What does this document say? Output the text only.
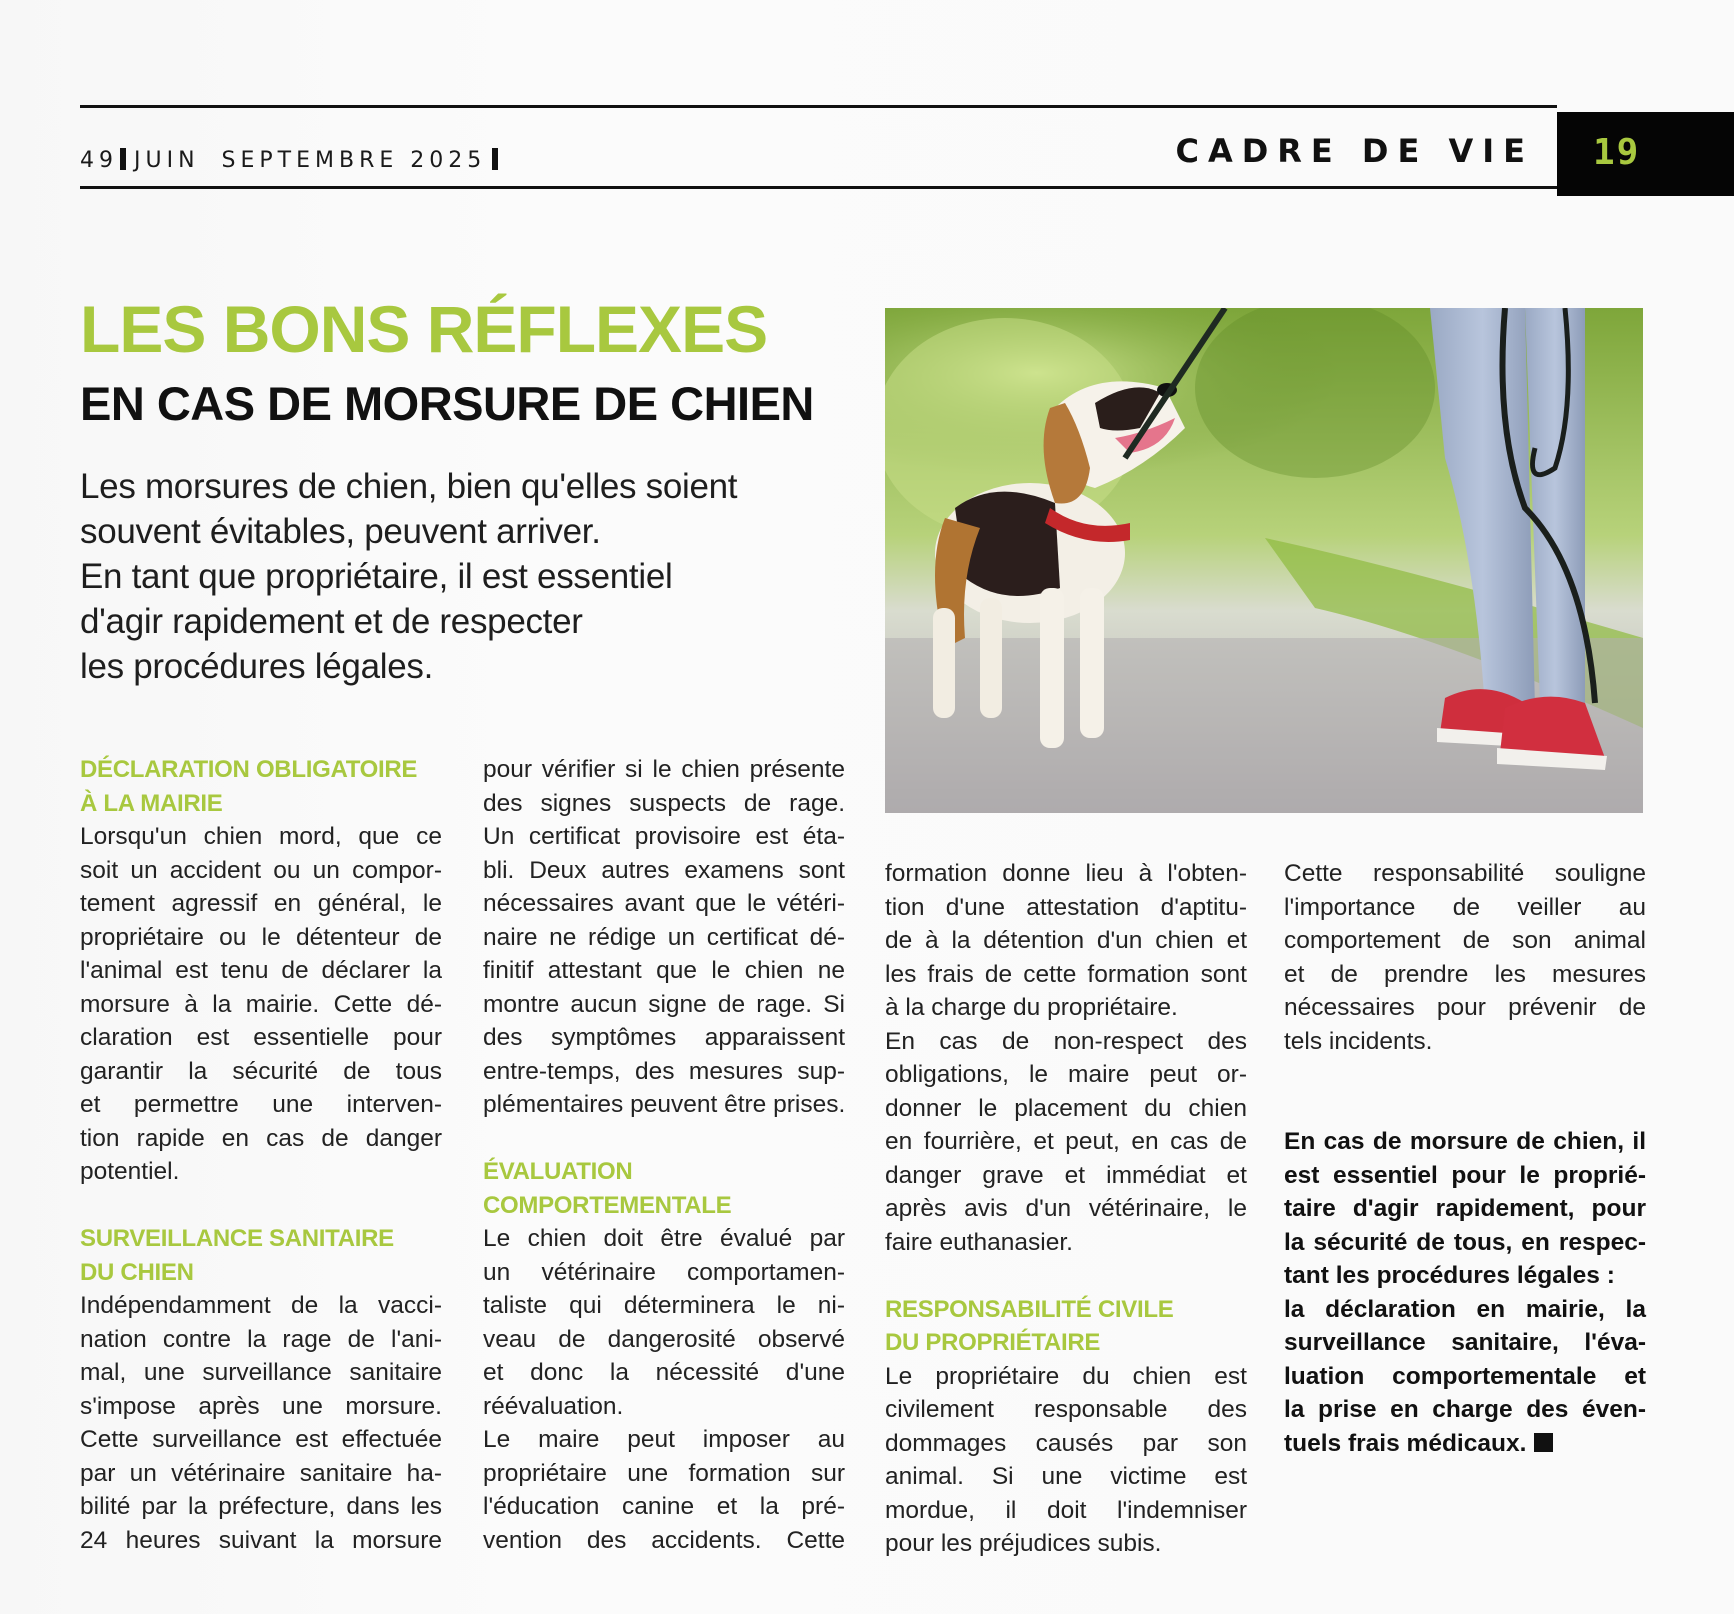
49 JUIN SEPTEMBRE 2025	CADRE DE VIE 19
LES BONS RÉFLEXES
EN CAS DE MORSURE DE CHIEN
Les morsures de chien, bien qu'elles soient
souvent évitables, peuvent arriver.
En tant que propriétaire, il est essentiel
d'agir rapidement et de respecter
les procédures légales.
DÉCLARATION OBLIGATOIRE
À LA MAIRIE
Lorsqu'un chien mord, que ce
soit un accident ou un compor-
tement agressif en général, le
propriétaire ou le détenteur de
l'animal est tenu de déclarer la
morsure à la mairie. Cette dé-
claration est essentielle pour
garantir la sécurité de tous
et permettre une interven-
tion rapide en cas de danger
potentiel.
SURVEILLANCE SANITAIRE
DU CHIEN
Indépendamment de la vacci-
nation contre la rage de l'ani-
mal, une surveillance sanitaire
s'impose après une morsure.
Cette surveillance est effectuée
par un vétérinaire sanitaire ha-
bilité par la préfecture, dans les
24 heures suivant la morsure
pour vérifier si le chien présente
des signes suspects de rage.
Un certificat provisoire est éta-
bli. Deux autres examens sont
nécessaires avant que le vétéri-
naire ne rédige un certificat dé-
finitif attestant que le chien ne
montre aucun signe de rage. Si
des symptômes apparaissent
entre-temps, des mesures sup-
plémentaires peuvent être prises.
ÉVALUATION
COMPORTEMENTALE
Le chien doit être évalué par
un vétérinaire comportamen-
taliste qui déterminera le ni-
veau de dangerosité observé
et donc la nécessité d'une
réévaluation.
Le maire peut imposer au
propriétaire une formation sur
l'éducation canine et la pré-
vention des accidents. Cette
formation donne lieu à l'obten-
tion d'une attestation d'aptitu-
de à la détention d'un chien et
les frais de cette formation sont
à la charge du propriétaire.
En cas de non-respect des
obligations, le maire peut or-
donner le placement du chien
en fourrière, et peut, en cas de
danger grave et immédiat et
après avis d'un vétérinaire, le
faire euthanasier.
RESPONSABILITÉ CIVILE
DU PROPRIÉTAIRE
Le propriétaire du chien est
civilement responsable des
dommages causés par son
animal. Si une victime est
mordue, il doit l'indemniser
pour les préjudices subis.
Cette responsabilité souligne
l'importance de veiller au
comportement de son animal
et de prendre les mesures
nécessaires pour prévenir de
tels incidents.
En cas de morsure de chien, il
est essentiel pour le proprié-
taire d'agir rapidement, pour
la sécurité de tous, en respec-
tant les procédures légales :
la déclaration en mairie, la
surveillance sanitaire, l'éva-
luation comportementale et
la prise en charge des éven-
tuels frais médicaux.
